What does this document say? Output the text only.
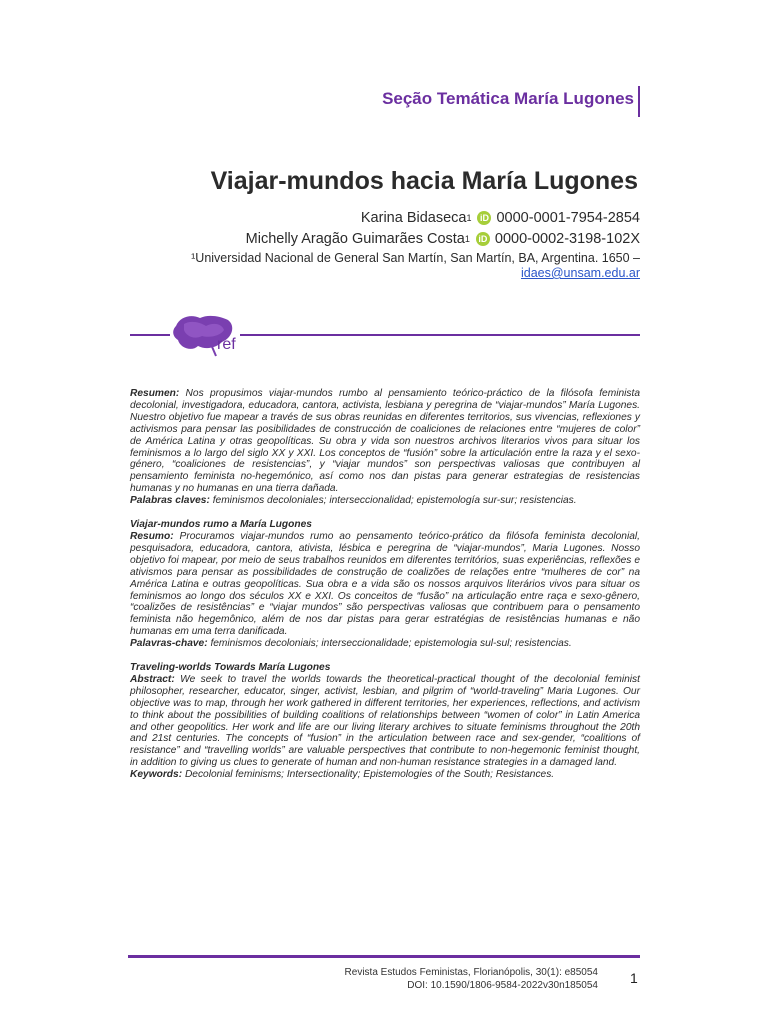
Seção Temática María Lugones
Viajar-mundos hacia María Lugones
Karina Bidaseca 1 iD 0000-0001-7954-2854
Michelly Aragão Guimarães Costa 1 iD 0000-0002-3198-102X
¹Universidad Nacional de General San Martín, San Martín, BA, Argentina. 1650 –
idaes@unsam.edu.ar
ref

Resumen: Nos propusimos viajar-mundos rumbo al pensamiento teórico-práctico de la filósofa feminista decolonial, investigadora, educadora, cantora, activista, lesbiana y peregrina de “viajar-mundos” María Lugones. Nuestro objetivo fue mapear a través de sus obras reunidas en diferentes territorios, sus vivencias, reflexiones y activismos para pensar las posibilidades de construcción de coaliciones de relaciones entre “mujeres de color” de América Latina y otras geopolíticas. Su obra y vida son nuestros archivos literarios vivos para situar los feminismos a lo largo del siglo XX y XXI. Los conceptos de “fusión” sobre la articulación entre la raza y el sexo-género, “coaliciones de resistencias”, y “viajar mundos” son perspectivas valiosas que contribuyen al pensamiento feminista no-hegemónico, así como nos dan pistas para generar estrategias de resistencias humanas y no humanas en una tierra dañada.

Palabras claves: feminismos decoloniales; interseccionalidad; epistemología sur-sur; resistencias.

Viajar-mundos rumo a María Lugones

Resumo: Procuramos viajar-mundos rumo ao pensamento teórico-prático da filósofa feminista decolonial, pesquisadora, educadora, cantora, ativista, lésbica e peregrina de “viajar-mundos”, Maria Lugones. Nosso objetivo foi mapear, por meio de seus trabalhos reunidos em diferentes territórios, suas experiências, reflexões e ativismos para pensar as possibilidades de construção de coalizões de relações entre “mulheres de cor” na América Latina e outras geopolíticas. Sua obra e a vida são os nossos arquivos literários vivos para situar os feminismos ao longo dos séculos XX e XXI. Os conceitos de “fusão” na articulação entre raça e sexo-gênero, “coalizões de resistências” e “viajar mundos” são perspectivas valiosas que contribuem para o pensamento feminista não hegemônico, além de nos dar pistas para gerar estratégias de resistências humanas e não humanas em uma terra danificada.

Palavras-chave: feminismos decoloniais; interseccionalidade; epistemologia sul-sul; resistencias.

Traveling-worlds Towards María Lugones

Abstract: We seek to travel the worlds towards the theoretical-practical thought of the decolonial feminist philosopher, researcher, educator, singer, activist, lesbian, and pilgrim of “world-traveling” Maria Lugones. Our objective was to map, through her work gathered in different territories, her experiences, reflections, and activism to think about the possibilities of building coalitions of relationships between “women of color” in Latin America and other geopolitics. Her work and life are our living literary archives to situate feminisms throughout the 20th and 21st centuries. The concepts of “fusion” in the articulation between race and sex-gender, “coalitions of resistance” and “travelling worlds” are valuable perspectives that contribute to non-hegemonic feminist thought, in addition to giving us clues to generate of human and non-human resistance strategies in a damaged land.

Keywords: Decolonial feminisms; Intersectionality; Epistemologies of the South; Resistances.

Revista Estudos Feministas, Florianópolis, 30(1): e85054
DOI: 10.1590/1806-9584-2022v30n185054 1
